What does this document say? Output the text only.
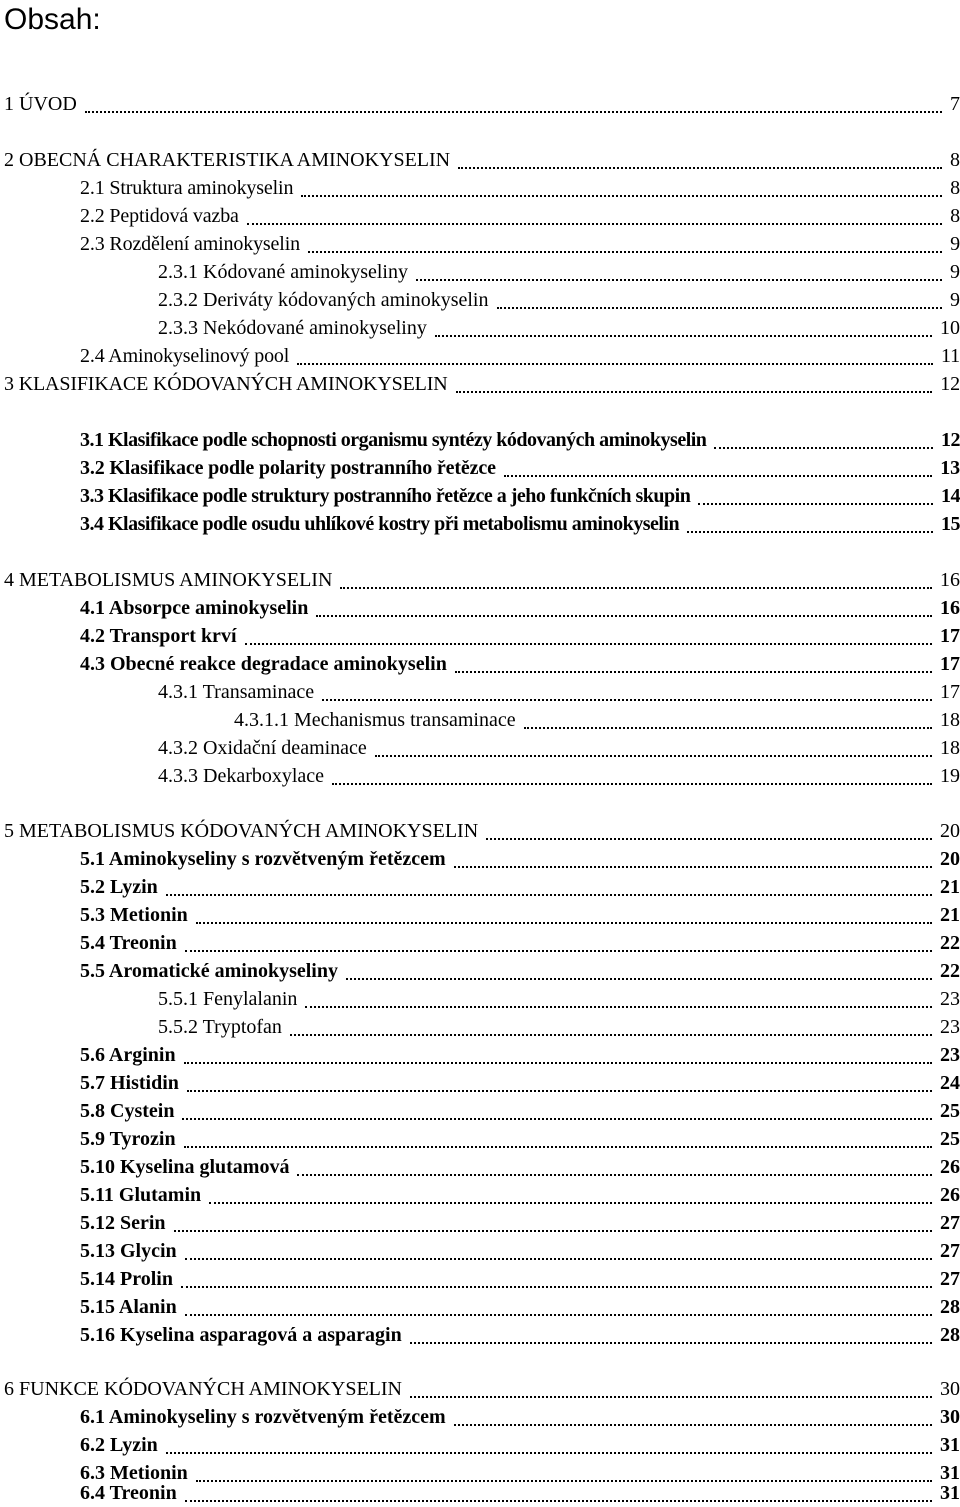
Obsah:
1 ÚVOD	7
2 OBECNÁ CHARAKTERISTIKA AMINOKYSELIN	8
2.1 Struktura aminokyselin	8
2.2 Peptidová vazba	8
2.3 Rozdělení aminokyselin	9
2.3.1 Kódované aminokyseliny	9
2.3.2 Deriváty kódovaných aminokyselin	9
2.3.3 Nekódované aminokyseliny	10
2.4 Aminokyselinový pool	11
3 KLASIFIKACE KÓDOVANÝCH AMINOKYSELIN	12
3.1 Klasifikace podle schopnosti organismu syntézy kódovaných aminokyselin	12
3.2 Klasifikace podle polarity postranního řetězce	13
3.3 Klasifikace podle struktury postranního řetězce a jeho funkčních skupin	14
3.4 Klasifikace podle osudu uhlíkové kostry při metabolismu aminokyselin	15
4 METABOLISMUS AMINOKYSELIN	16
4.1 Absorpce aminokyselin	16
4.2 Transport krví	17
4.3 Obecné reakce degradace aminokyselin	17
4.3.1 Transaminace	17
4.3.1.1 Mechanismus transaminace	18
4.3.2 Oxidační deaminace	18
4.3.3 Dekarboxylace	19
5 METABOLISMUS KÓDOVANÝCH AMINOKYSELIN	20
5.1 Aminokyseliny s rozvětveným řetězcem	20
5.2 Lyzin	21
5.3 Metionin	21
5.4 Treonin	22
5.5 Aromatické aminokyseliny	22
5.5.1 Fenylalanin	23
5.5.2 Tryptofan	23
5.6 Arginin	23
5.7 Histidin	24
5.8 Cystein	25
5.9 Tyrozin	25
5.10 Kyselina glutamová	26
5.11 Glutamin	26
5.12 Serin	27
5.13 Glycin	27
5.14 Prolin	27
5.15 Alanin	28
5.16 Kyselina asparagová a asparagin	28
6 FUNKCE KÓDOVANÝCH AMINOKYSELIN	30
6.1 Aminokyseliny s rozvětveným řetězcem	30
6.2 Lyzin	31
6.3 Metionin	31
6.4 Treonin	31
